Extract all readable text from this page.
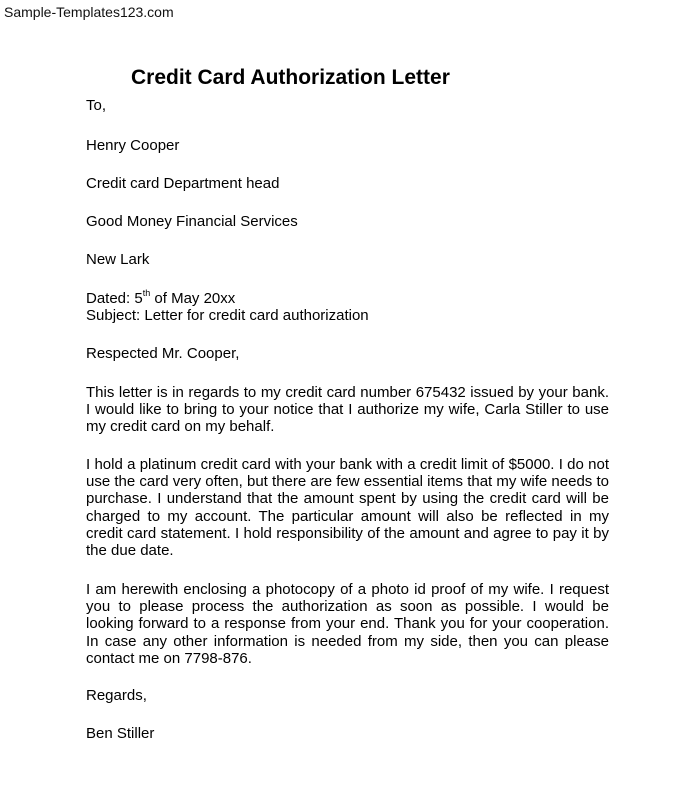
Sample-Templates123.com
Credit Card Authorization Letter

To,

Henry Cooper

Credit card Department head

Good Money Financial Services

New Lark

Dated: 5th of May 20xx

Subject: Letter for credit card authorization

Respected Mr. Cooper,

This letter is in regards to my credit card number 675432 issued by your bank. I would like to bring to your notice that I authorize my wife, Carla Stiller to use my credit card on my behalf.

I hold a platinum credit card with your bank with a credit limit of $5000. I do not use the card very often, but there are few essential items that my wife needs to purchase. I understand that the amount spent by using the credit card will be charged to my account. The particular amount will also be reflected in my credit card statement. I hold responsibility of the amount and agree to pay it by the due date.

I am herewith enclosing a photocopy of a photo id proof of my wife. I request you to please process the authorization as soon as possible. I would be looking forward to a response from your end. Thank you for your cooperation. In case any other information is needed from my side, then you can please contact me on 7798-876.

Regards,

Ben Stiller
